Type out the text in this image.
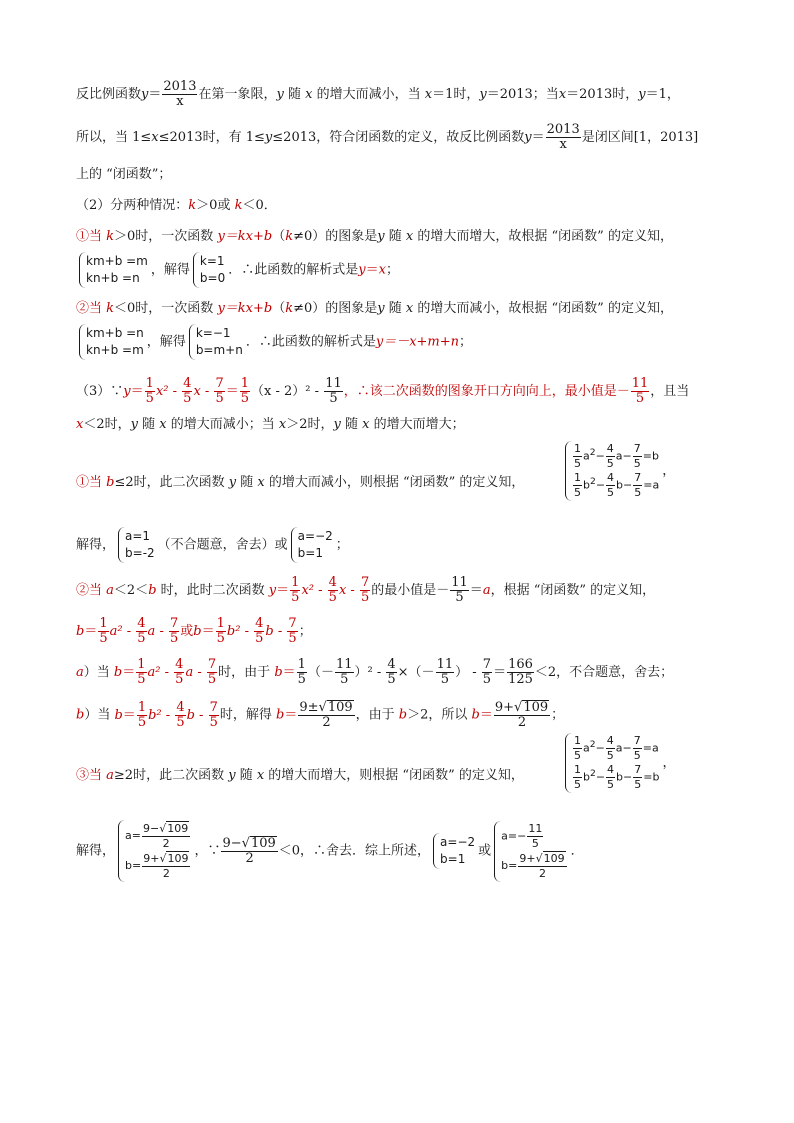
反比例函数$y= \frac{2013}{x}$ 在第一象限，y 随 x 的增大而减小，当 x＝1时，y＝2013；当x＝2013时，y＝1，
所以，当 1≤x≤2013时，有 1≤y≤2013，符合闭函数的定义，故反比例函数$y= \frac{2013}{x}$ 是闭区间[1，2013]
上的 “闭函数”；
（2）分两种情况：k＞0或 k＜0．
①当 k＞0时，一次函数 y＝kx+b（k≠0）的图象是y 随 x 的增大而增大，故根据 “闭函数” 的定义知，
km+b =m
kn+b =n
，解得
k=1
b=0
．∴此函数的解析式是y＝x；
②当 k＜0时，一次函数 y＝kx+b（k≠0）的图象是y 随 x 的增大而减小，故根据 “闭函数” 的定义知，
km+b =n
kn+b =m
，解得
k=−1
b=m+n
．∴此函数的解析式是y＝－x+m+n；
（3）∵y＝ $\frac{1}{5} x^2 - \frac{4}{5}$ $x - \frac{7}{5} = \frac{1}{5} (x - 2)^2 - \frac{11}{5}$ ，∴该二次函数的图象开口方向向上，最小值是－ $\frac{11}{5}$ ，且当
x＜2时，y 随 x 的增大而减小；当 x＞2时，y 随 x 的增大而增大；
①当 b≤2时，此二次函数 y 随 x 的增大而减小，则根据 “闭函数” 的定义知，
$\frac{1}{5} a^2- \frac{4}{5} a- \frac{7}{5} =b$
$\frac{1}{5} b^2- \frac{4}{5} b- \frac{7}{5} =a$
，
解得，
a=1
b=-2
（不合题意，舍去）或
a=−2
b=1
；
②当 a＜2＜b 时，此时二次函数 $y= \frac{1}{5} x^2 - \frac{4}{5}$ x - $\frac{7}{5}$ 的最小值是－ $\frac{11}{5} =a$，根据 “闭函数” 的定义知，
$b= \frac{1}{5} a^2 - \frac{4}{5}$ a - $\frac{7}{5}$ 或$b= \frac{1}{5} b^2 - \frac{4}{5}$ b - $\frac{7}{5}$ ；
a）当 $b= \frac{1}{5} a^2 - \frac{4}{5}$ a - $\frac{7}{5}$ 时，由于 $b= \frac{1}{5}$ （－ $\frac{11}{5} )^2 - \frac{4}{5}$ ×（－ $\frac{11}{5}$ ） - $\frac{7}{5} = \frac{166}{125} <2$，不合题意，舍去；
b）当 $b= \frac{1}{5} b^2 - \frac{4}{5}$ b - $\frac{7}{5}$ 时，解得 $b= \frac{9\pm√109}{2}$ ，由于 b＞2，所以 $b= \frac{9+√109}{2}$ ；
③当 a≥2时，此二次函数 y 随 x 的增大而增大，则根据 “闭函数” 的定义知，
$\frac{1}{5} a^2- \frac{4}{5} a- \frac{7}{5} =a$
$\frac{1}{5} b^2- \frac{4}{5} b- \frac{7}{5} =b$
，
解得，
$a= \frac{9-√109}{2}$
$b= \frac{9+√109}{2}$ ，∵ $\frac{9-√109}{2} <0$，∴舍去．综上所述，
a=−2
b=1
或
$a=- \frac{11}{5}$
$b= \frac{9+√109}{2}$ ．
